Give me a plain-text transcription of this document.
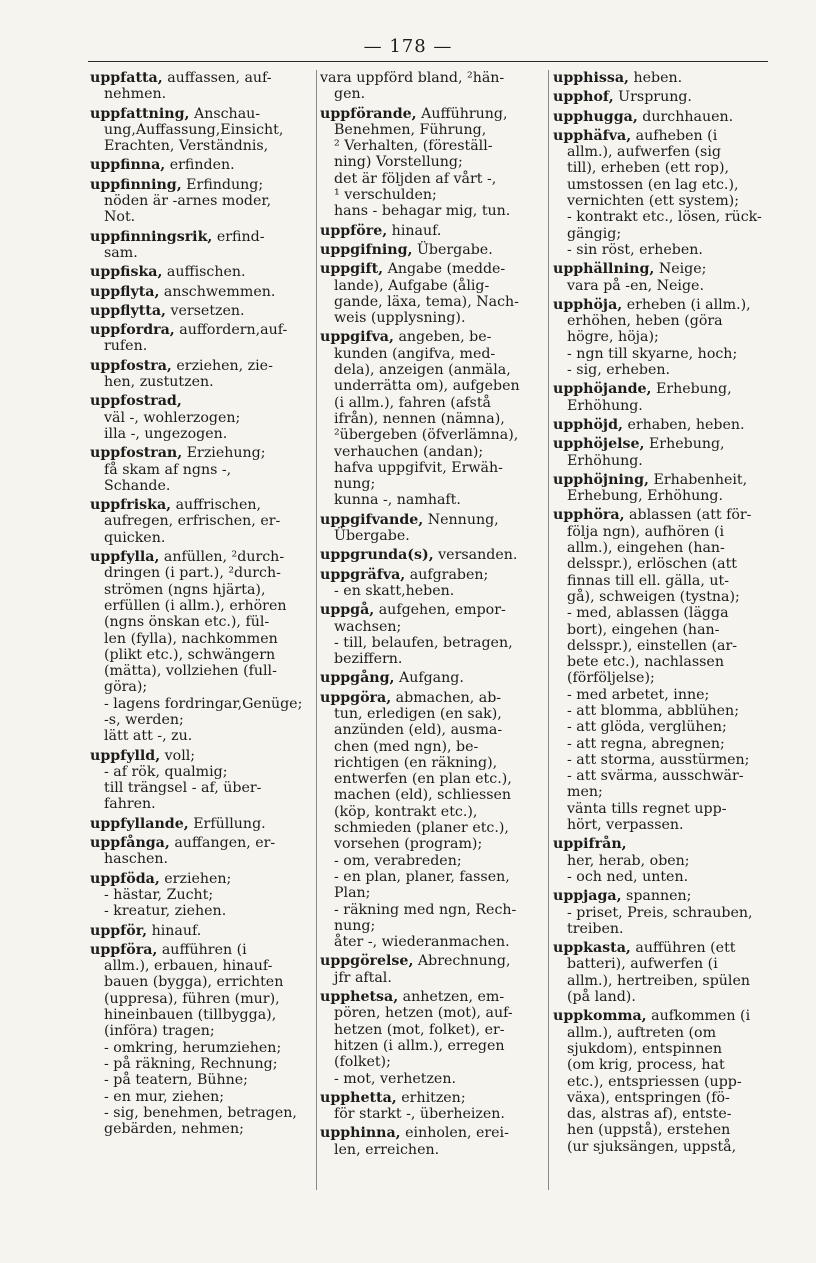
— 178 —
uppfatta, auffassen, auf-
nehmen.
uppfattning, Anschau-
ung,Auffassung,Einsicht,
Erachten, Verständnis,
uppfinna, erfinden.
uppfinning, Erfindung;
nöden är -arnes moder,
Not.
uppfinningsrik, erfind-
sam.
uppfiska, auffischen.
uppflyta, anschwemmen.
uppflytta, versetzen.
uppfordra, auffordern,auf-
rufen.
uppfostra, erziehen, zie-
hen, zustutzen.
uppfostrad,
väl -, wohlerzogen;
illa -, ungezogen.
uppfostran, Erziehung;
få skam af ngns -,
Schande.
uppfriska, auffrischen,
aufregen, erfrischen, er-
quicken.
uppfylla, anfüllen, ²durch-
dringen (i part.), ²durch-
strömen (ngns hjärta),
erfüllen (i allm.), erhören
(ngns önskan etc.), fül-
len (fylla), nachkommen
(plikt etc.), schwängern
(mätta), vollziehen (full-
göra);
- lagens fordringar,Genüge;
-s, werden;
lätt att -, zu.
uppfylld, voll;
- af rök, qualmig;
till trängsel - af, über-
fahren.
uppfyllande, Erfüllung.
uppfånga, auffangen, er-
haschen.
uppföda, erziehen;
- hästar, Zucht;
- kreatur, ziehen.
uppför, hinauf.
uppföra, aufführen (i
allm.), erbauen, hinauf-
bauen (bygga), errichten
(uppresa), führen (mur),
hineinbauen (tillbygga),
(införa) tragen;
- omkring, herumziehen;
- på räkning, Rechnung;
- på teatern, Bühne;
- en mur, ziehen;
- sig, benehmen, betragen,
gebärden, nehmen;
vara uppförd bland, ²hän-
gen.
uppförande, Aufführung,
Benehmen, Führung,
² Verhalten, (föreställ-
ning) Vorstellung;
det är följden af vårt -,
¹ verschulden;
hans - behagar mig, tun.
uppföre, hinauf.
uppgifning, Übergabe.
uppgift, Angabe (medde-
lande), Aufgabe (ålig-
gande, läxa, tema), Nach-
weis (upplysning).
uppgifva, angeben, be-
kunden (angifva, med-
dela), anzeigen (anmäla,
underrätta om), aufgeben
(i allm.), fahren (afstå
ifrån), nennen (nämna),
²übergeben (öfverlämna),
verhauchen (andan);
hafva uppgifvit, Erwäh-
nung;
kunna -, namhaft.
uppgifvande, Nennung,
Übergabe.
uppgrunda(s), versanden.
uppgräfva, aufgraben;
- en skatt,heben.
uppgå, aufgehen, empor-
wachsen;
- till, belaufen, betragen,
beziffern.
uppgång, Aufgang.
uppgöra, abmachen, ab-
tun, erledigen (en sak),
anzünden (eld), ausma-
chen (med ngn), be-
richtigen (en räkning),
entwerfen (en plan etc.),
machen (eld), schliessen
(köp, kontrakt etc.),
schmieden (planer etc.),
vorsehen (program);
- om, verabreden;
- en plan, planer, fassen,
Plan;
- räkning med ngn, Rech-
nung;
åter -, wiederanmachen.
uppgörelse, Abrechnung,
jfr aftal.
upphetsa, anhetzen, em-
pören, hetzen (mot), auf-
hetzen (mot, folket), er-
hitzen (i allm.), erregen
(folket);
- mot, verhetzen.
upphetta, erhitzen;
för starkt -, überheizen.
upphinna, einholen, erei-
len, erreichen.
upphissa, heben.
upphof, Ursprung.
upphugga, durchhauen.
upphäfva, aufheben (i
allm.), aufwerfen (sig
till), erheben (ett rop),
umstossen (en lag etc.),
vernichten (ett system);
- kontrakt etc., lösen, rück-
gängig;
- sin röst, erheben.
upphällning, Neige;
vara på -en, Neige.
upphöja, erheben (i allm.),
erhöhen, heben (göra
högre, höja);
- ngn till skyarne, hoch;
- sig, erheben.
upphöjande, Erhebung,
Erhöhung.
upphöjd, erhaben, heben.
upphöjelse, Erhebung,
Erhöhung.
upphöjning, Erhabenheit,
Erhebung, Erhöhung.
upphöra, ablassen (att för-
följa ngn), aufhören (i
allm.), eingehen (han-
delsspr.), erlöschen (att
finnas till ell. gälla, ut-
gå), schweigen (tystna);
- med, ablassen (lägga
bort), eingehen (han-
delsspr.), einstellen (ar-
bete etc.), nachlassen
(förföljelse);
- med arbetet, inne;
- att blomma, abblühen;
- att glöda, verglühen;
- att regna, abregnen;
- att storma, ausstürmen;
- att svärma, ausschwär-
men;
vänta tills regnet upp-
hört, verpassen.
uppifrån,
her, herab, oben;
- och ned, unten.
uppjaga, spannen;
- priset, Preis, schrauben,
treiben.
uppkasta, aufführen (ett
batteri), aufwerfen (i
allm.), hertreiben, spülen
(på land).
uppkomma, aufkommen (i
allm.), auftreten (om
sjukdom), entspinnen
(om krig, process, hat
etc.), entspriessen (upp-
växa), entspringen (fö-
das, alstras af), entste-
hen (uppstå), erstehen
(ur sjuksängen, uppstå,
